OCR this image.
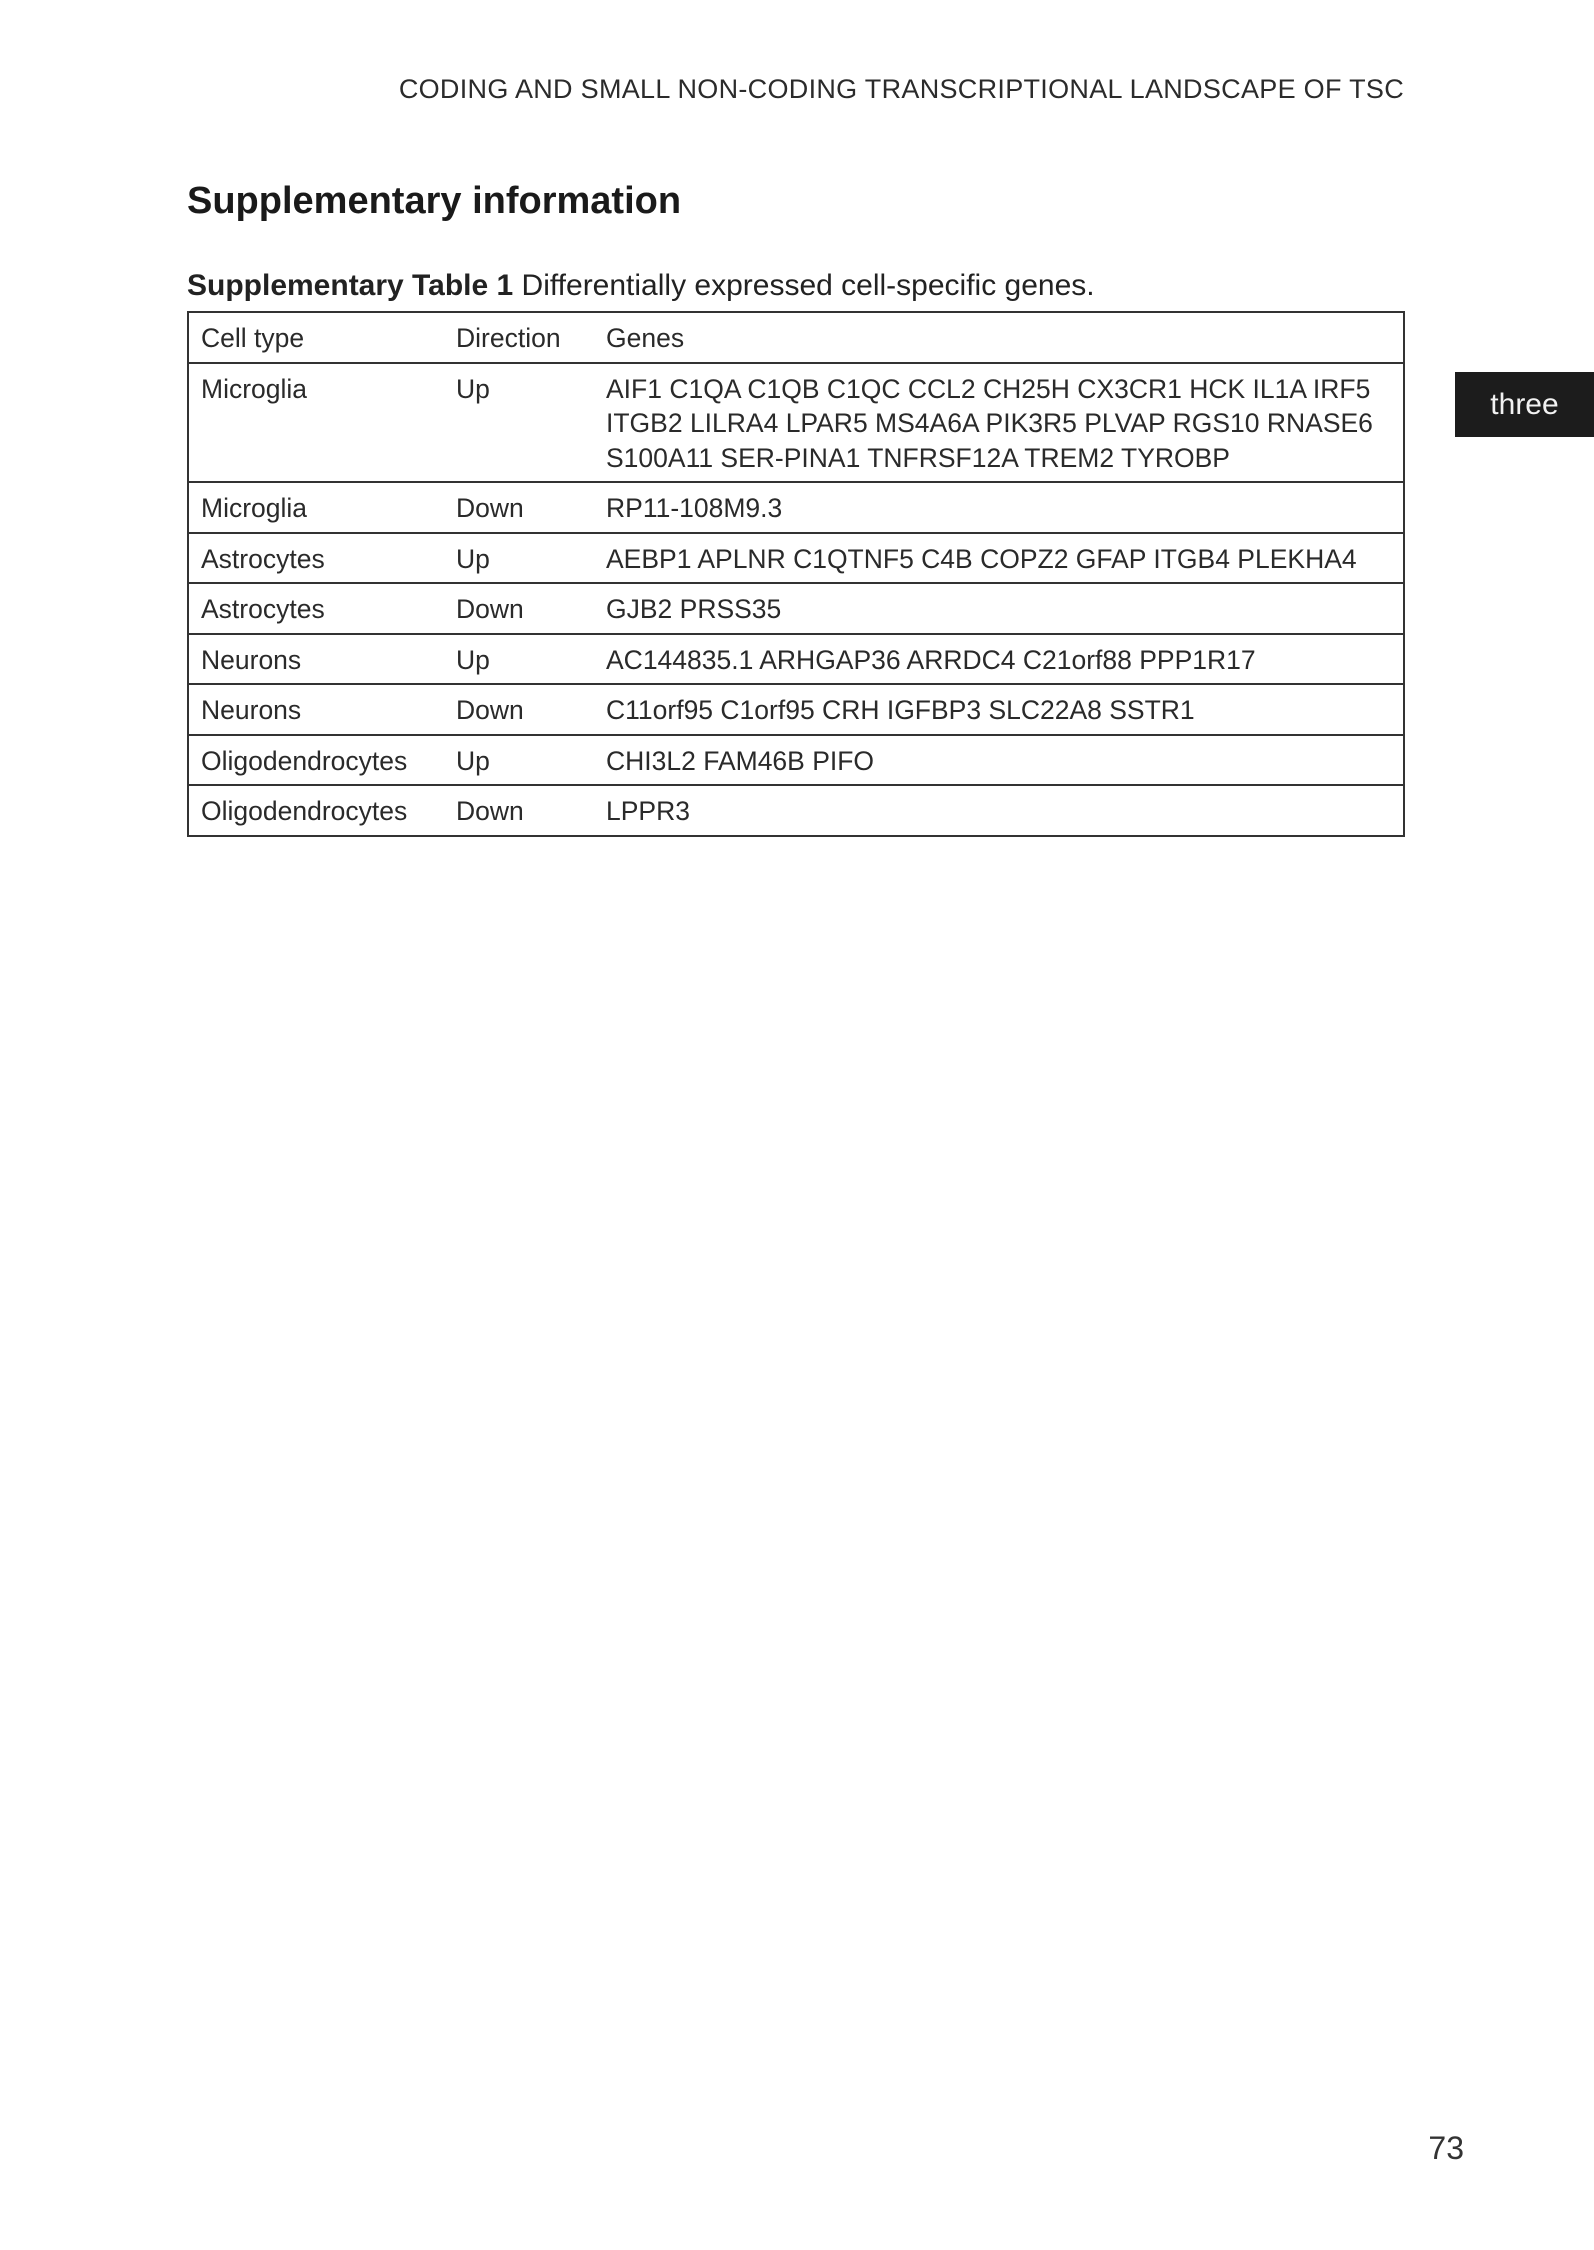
CODING AND SMALL NON-CODING TRANSCRIPTIONAL LANDSCAPE OF TSC
Supplementary information
Supplementary Table 1 Differentially expressed cell-specific genes.
Cell type	Direction	Genes
Microglia	Up	AIF1 C1QA C1QB C1QC CCL2 CH25H CX3CR1 HCK IL1A IRF5 ITGB2 LILRA4 LPAR5 MS4A6A PIK3R5 PLVAP RGS10 RNASE6 S100A11 SER-PINA1 TNFRSF12A TREM2 TYROBP
Microglia	Down	RP11-108M9.3
Astrocytes	Up	AEBP1 APLNR C1QTNF5 C4B COPZ2 GFAP ITGB4 PLEKHA4
Astrocytes	Down	GJB2 PRSS35
Neurons	Up	AC144835.1 ARHGAP36 ARRDC4 C21orf88 PPP1R17
Neurons	Down	C11orf95 C1orf95 CRH IGFBP3 SLC22A8 SSTR1
Oligodendrocytes	Up	CHI3L2 FAM46B PIFO
Oligodendrocytes	Down	LPPR3
three
73
